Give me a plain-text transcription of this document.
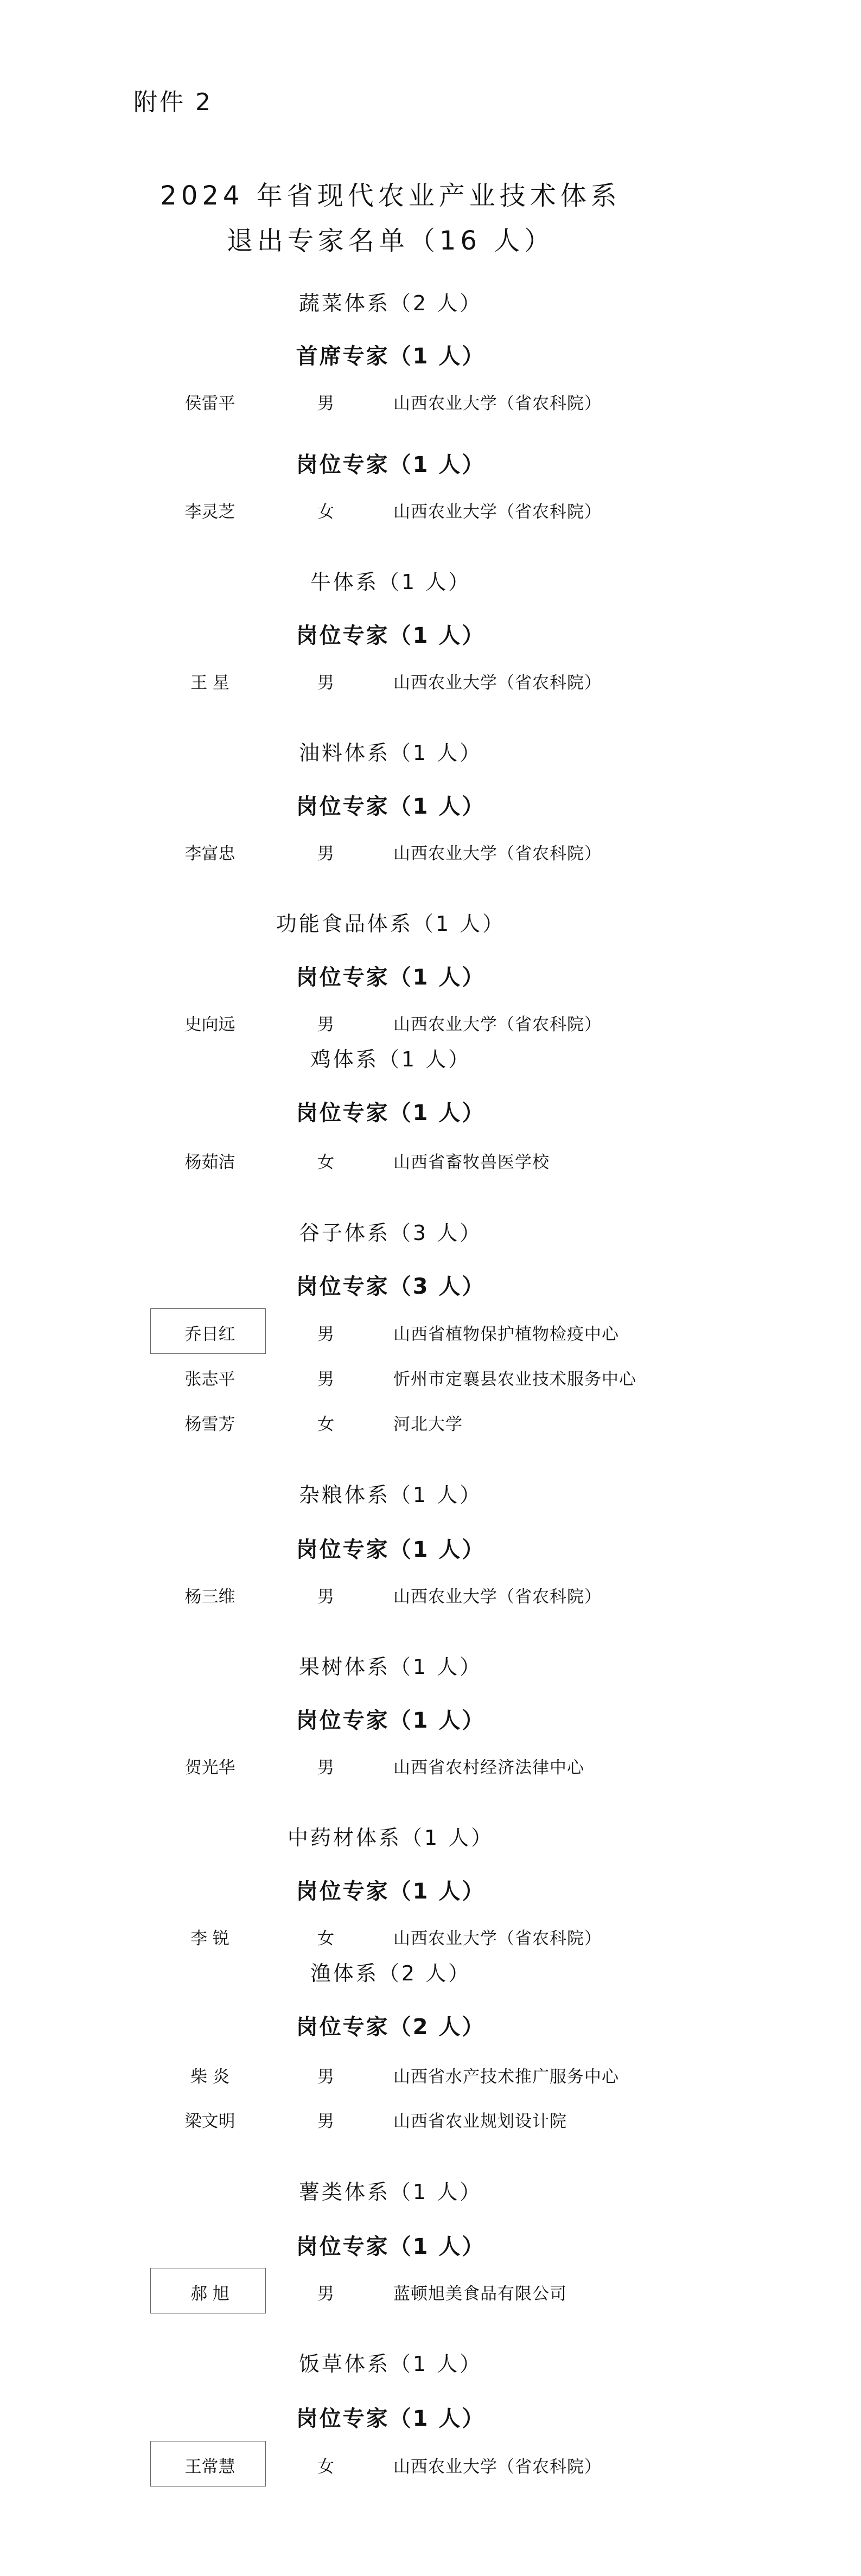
附件 2
2024 年省现代农业产业技术体系
退出专家名单（16 人）
蔬菜体系（2 人）
首席专家（1 人）
侯雷平	男	山西农业大学（省农科院）
岗位专家（1 人）
李灵芝	女	山西农业大学（省农科院）
牛体系（1 人）
岗位专家（1 人）
王 星	男	山西农业大学（省农科院）
油料体系（1 人）
岗位专家（1 人）
李富忠	男	山西农业大学（省农科院）
功能食品体系（1 人）
岗位专家（1 人）
史向远	男	山西农业大学（省农科院）
鸡体系（1 人）
岗位专家（1 人）
杨茹洁	女	山西省畜牧兽医学校
谷子体系（3 人）
岗位专家（3 人）
乔日红	男	山西省植物保护植物检疫中心
张志平	男	忻州市定襄县农业技术服务中心
杨雪芳	女	河北大学
杂粮体系（1 人）
岗位专家（1 人）
杨三维	男	山西农业大学（省农科院）
果树体系（1 人）
岗位专家（1 人）
贺光华	男	山西省农村经济法律中心
中药材体系（1 人）
岗位专家（1 人）
李 锐	女	山西农业大学（省农科院）
渔体系（2 人）
岗位专家（2 人）
柴 炎	男	山西省水产技术推广服务中心
梁文明	男	山西省农业规划设计院
薯类体系（1 人）
岗位专家（1 人）
郝 旭	男	蓝顿旭美食品有限公司
饭草体系（1 人）
岗位专家（1 人）
王常慧	女	山西农业大学（省农科院）
